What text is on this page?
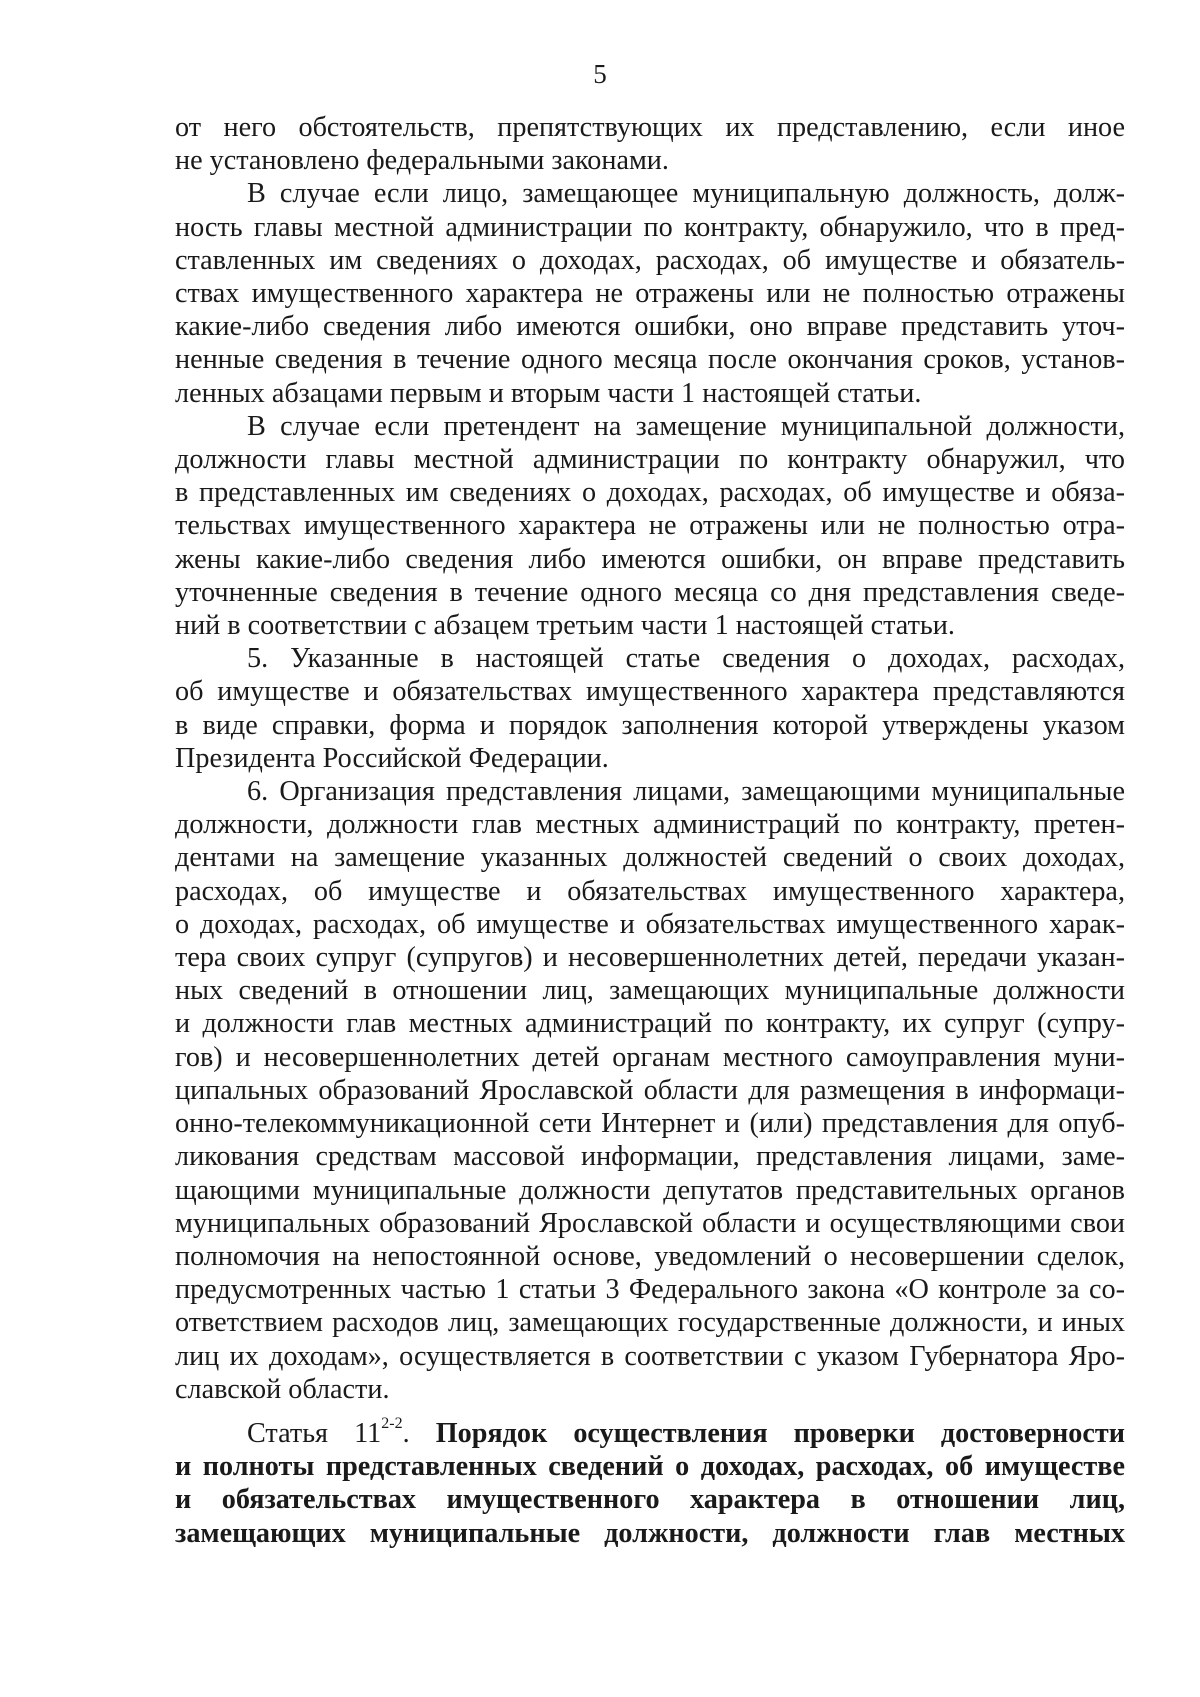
5
от него обстоятельств, препятствующих их представлению, если иное
не установлено федеральными законами.
В случае если лицо, замещающее муниципальную должность, долж-
ность главы местной администрации по контракту, обнаружило, что в пред-
ставленных им сведениях о доходах, расходах, об имуществе и обязатель-
ствах имущественного характера не отражены или не полностью отражены
какие-либо сведения либо имеются ошибки, оно вправе представить уточ-
ненные сведения в течение одного месяца после окончания сроков, установ-
ленных абзацами первым и вторым части 1 настоящей статьи.
В случае если претендент на замещение муниципальной должности,
должности главы местной администрации по контракту обнаружил, что
в представленных им сведениях о доходах, расходах, об имуществе и обяза-
тельствах имущественного характера не отражены или не полностью отра-
жены какие-либо сведения либо имеются ошибки, он вправе представить
уточненные сведения в течение одного месяца со дня представления сведе-
ний в соответствии с абзацем третьим части 1 настоящей статьи.
5. Указанные в настоящей статье сведения о доходах, расходах,
об имуществе и обязательствах имущественного характера представляются
в виде справки, форма и порядок заполнения которой утверждены указом
Президента Российской Федерации.
6. Организация представления лицами, замещающими муниципальные
должности, должности глав местных администраций по контракту, претен-
дентами на замещение указанных должностей сведений о своих доходах,
расходах, об имуществе и обязательствах имущественного характера,
о доходах, расходах, об имуществе и обязательствах имущественного харак-
тера своих супруг (супругов) и несовершеннолетних детей, передачи указан-
ных сведений в отношении лиц, замещающих муниципальные должности
и должности глав местных администраций по контракту, их супруг (супру-
гов) и несовершеннолетних детей органам местного самоуправления муни-
ципальных образований Ярославской области для размещения в информаци-
онно-телекоммуникационной сети Интернет и (или) представления для опуб-
ликования средствам массовой информации, представления лицами, заме-
щающими муниципальные должности депутатов представительных органов
муниципальных образований Ярославской области и осуществляющими свои
полномочия на непостоянной основе, уведомлений о несовершении сделок,
предусмотренных частью 1 статьи 3 Федерального закона «О контроле за со-
ответствием расходов лиц, замещающих государственные должности, и иных
лиц их доходам», осуществляется в соответствии с указом Губернатора Яро-
славской области.
Статья 11$^{2-2}$. Порядок осуществления проверки достоверности
и полноты представленных сведений о доходах, расходах, об имуществе
и обязательствах имущественного характера в отношении лиц,
замещающих муниципальные должности, должности глав местных
